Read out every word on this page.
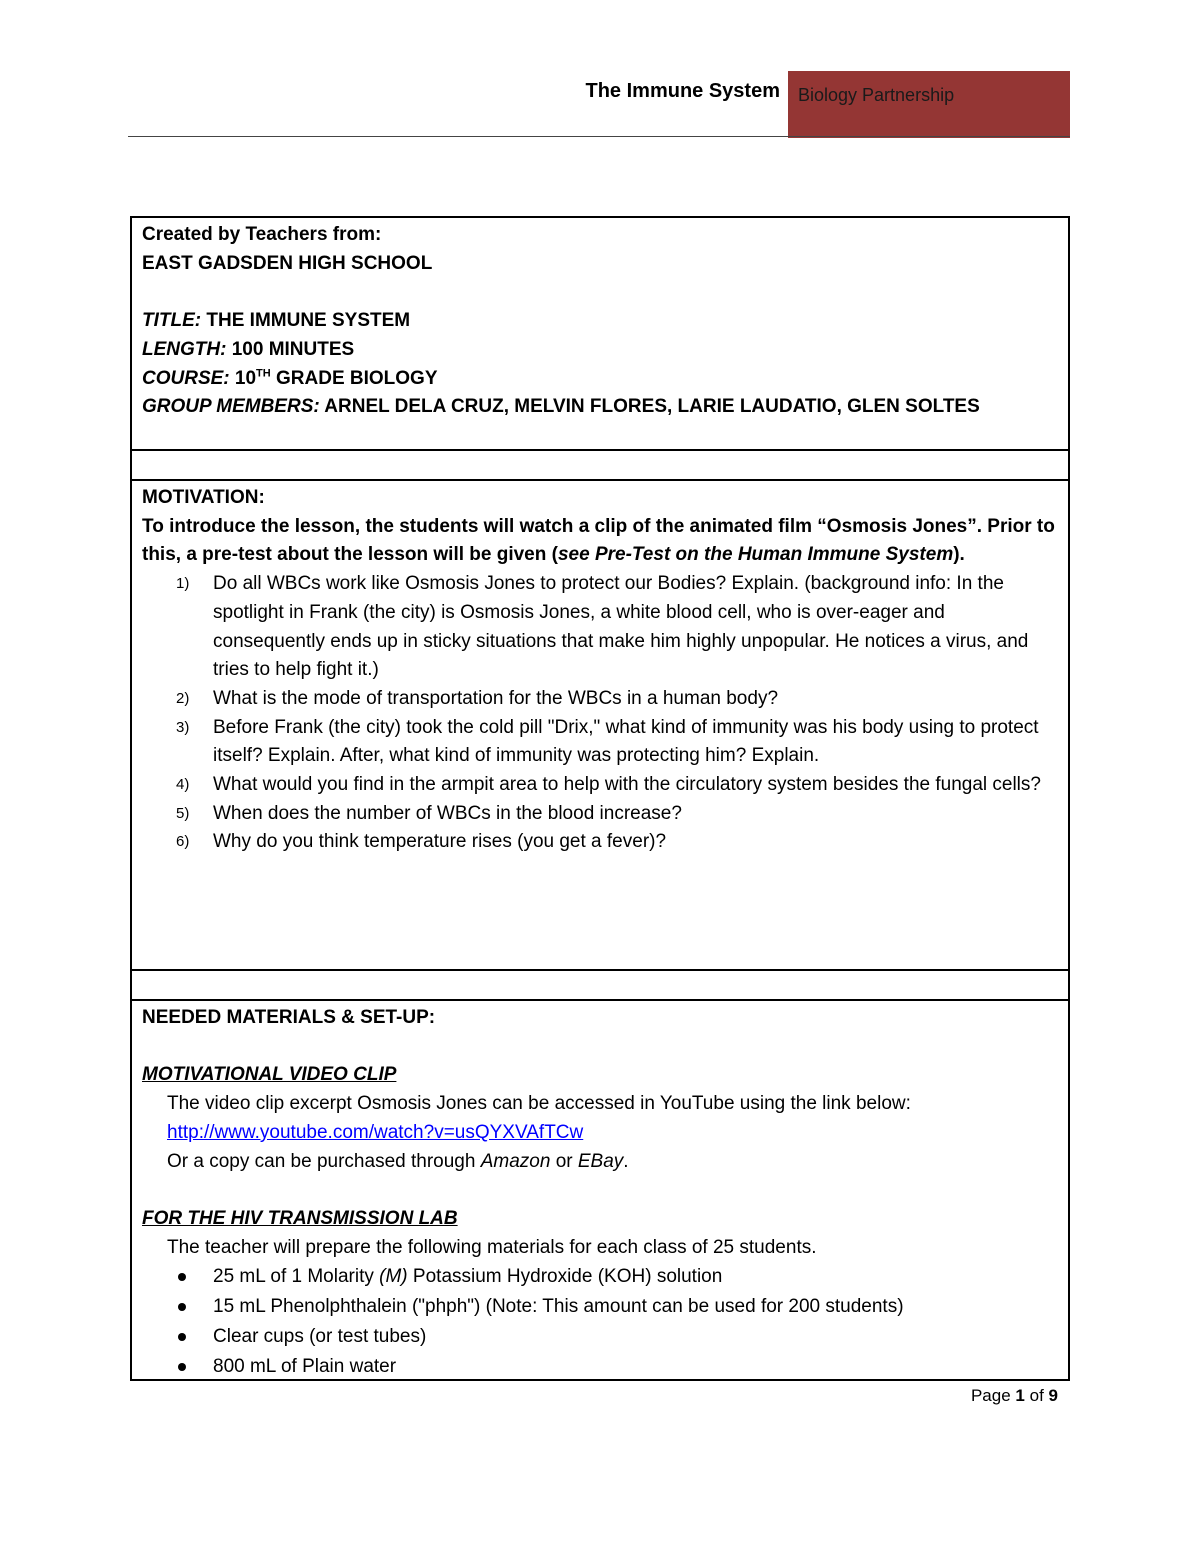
The Immune System	Biology Partnership
Created by Teachers from:
EAST GADSDEN HIGH SCHOOL
TITLE: THE IMMUNE SYSTEM
LENGTH: 100 MINUTES
COURSE: 10TH GRADE BIOLOGY
GROUP MEMBERS: ARNEL DELA CRUZ, MELVIN FLORES, LARIE LAUDATIO, GLEN SOLTES
MOTIVATION:
To introduce the lesson, the students will watch a clip of the animated film “Osmosis Jones”. Prior to this, a pre-test about the lesson will be given (see Pre-Test on the Human Immune System).
1) Do all WBCs work like Osmosis Jones to protect our Bodies? Explain. (background info: In the spotlight in Frank (the city) is Osmosis Jones, a white blood cell, who is over-eager and consequently ends up in sticky situations that make him highly unpopular. He notices a virus, and tries to help fight it.)
2) What is the mode of transportation for the WBCs in a human body?
3) Before Frank (the city) took the cold pill "Drix," what kind of immunity was his body using to protect itself? Explain. After, what kind of immunity was protecting him? Explain.
4) What would you find in the armpit area to help with the circulatory system besides the fungal cells?
5) When does the number of WBCs in the blood increase?
6) Why do you think temperature rises (you get a fever)?
NEEDED MATERIALS & SET-UP:
MOTIVATIONAL VIDEO CLIP
The video clip excerpt Osmosis Jones can be accessed in YouTube using the link below:
http://www.youtube.com/watch?v=usQYXVAfTCw
Or a copy can be purchased through Amazon or EBay.
FOR THE HIV TRANSMISSION LAB
The teacher will prepare the following materials for each class of 25 students.
25 mL of 1 Molarity (M) Potassium Hydroxide (KOH) solution
15 mL Phenolphthalein ("phph") (Note: This amount can be used for 200 students)
Clear cups (or test tubes)
800 mL of Plain water
Page 1 of 9
